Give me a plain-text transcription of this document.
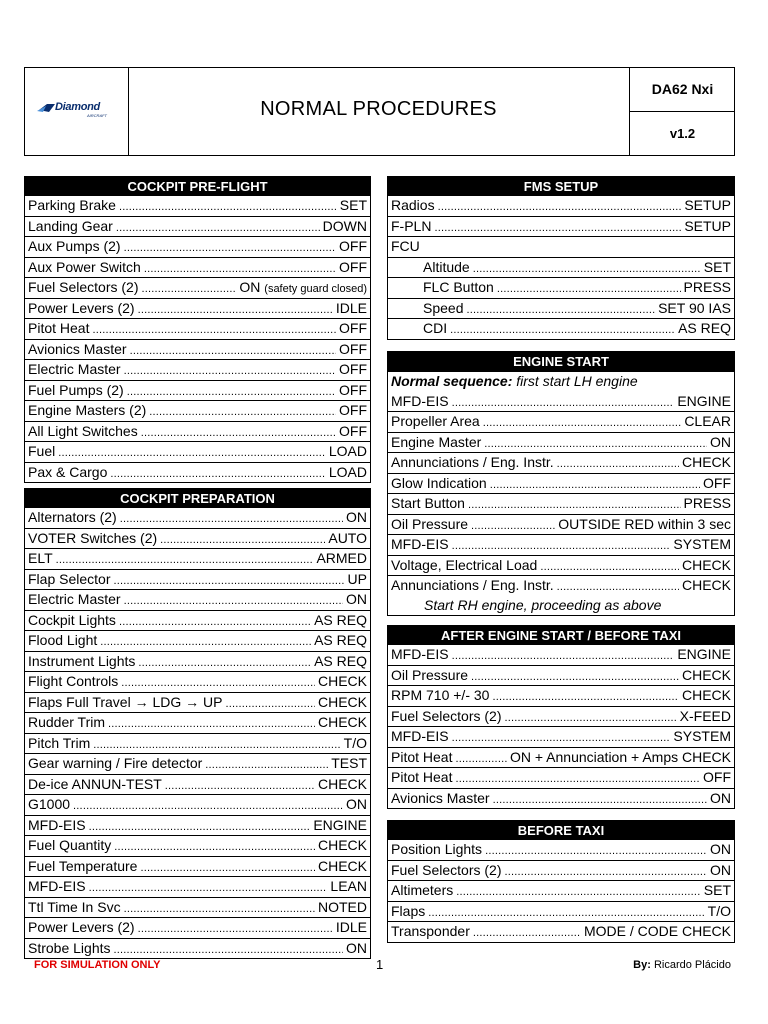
Diamond
AIRCRAFT	NORMAL PROCEDURES
DA62 Nxi
v1.2
COCKPIT PRE-FLIGHT
Parking Brake .....	SET
Landing Gear .....	DOWN
Aux Pumps (2) .....	OFF
Aux Power Switch .....	OFF
Fuel Selectors (2) .....	ON (safety guard closed)
Power Levers (2) .....	IDLE
Pitot Heat .....	OFF
Avionics Master .....	OFF
Electric Master .....	OFF
Fuel Pumps (2) .....	OFF
Engine Masters (2) .....	OFF
All Light Switches .....	OFF
Fuel .....	LOAD
Pax & Cargo .....	LOAD
COCKPIT PREPARATION
Alternators (2) .....	ON
VOTER Switches (2) .....	AUTO
ELT .....	ARMED
Flap Selector .....	UP
Electric Master .....	ON
Cockpit Lights .....	AS REQ
Flood Light .....	AS REQ
Instrument Lights .....	AS REQ
Flight Controls .....	CHECK
Flaps Full Travel → LDG → UP .....	CHECK
Rudder Trim .....	CHECK
Pitch Trim .....	T/O
Gear warning / Fire detector .....	TEST
De-ice ANNUN-TEST .....	CHECK
G1000 .....	ON
MFD-EIS .....	ENGINE
Fuel Quantity .....	CHECK
Fuel Temperature .....	CHECK
MFD-EIS .....	LEAN
Ttl Time In Svc .....	NOTED
Power Levers (2) .....	IDLE
Strobe Lights .....	ON
FMS SETUP
Radios .....	SETUP
F-PLN .....	SETUP
FCU
Altitude .....	SET
FLC Button .....	PRESS
Speed .....	SET 90 IAS
CDI .....	AS REQ
ENGINE START
Normal sequence:
first start LH engine
MFD-EIS .....	ENGINE
Propeller Area .....	CLEAR
Engine Master .....	ON
Annunciations / Eng. Instr. .....	CHECK
Glow Indication .....	OFF
Start Button .....	PRESS
Oil Pressure .....	OUTSIDE RED within 3 sec
MFD-EIS .....	SYSTEM
Voltage, Electrical Load .....	CHECK
Annunciations / Eng. Instr. .....	CHECK
Start RH engine, proceeding as above
AFTER ENGINE START / BEFORE TAXI
MFD-EIS .....	ENGINE
Oil Pressure .....	CHECK
RPM 710 +/- 30 .....	CHECK
Fuel Selectors (2) .....	X-FEED
MFD-EIS .....	SYSTEM
Pitot Heat .....	ON + Annunciation + Amps CHECK
Pitot Heat .....	OFF
Avionics Master .....	ON
BEFORE TAXI
Position Lights .....	ON
Fuel Selectors (2) .....	ON
Altimeters .....	SET
Flaps .....	T/O
Transponder .....	MODE / CODE CHECK
FOR SIMULATION ONLY	1	By: Ricardo Plácido
